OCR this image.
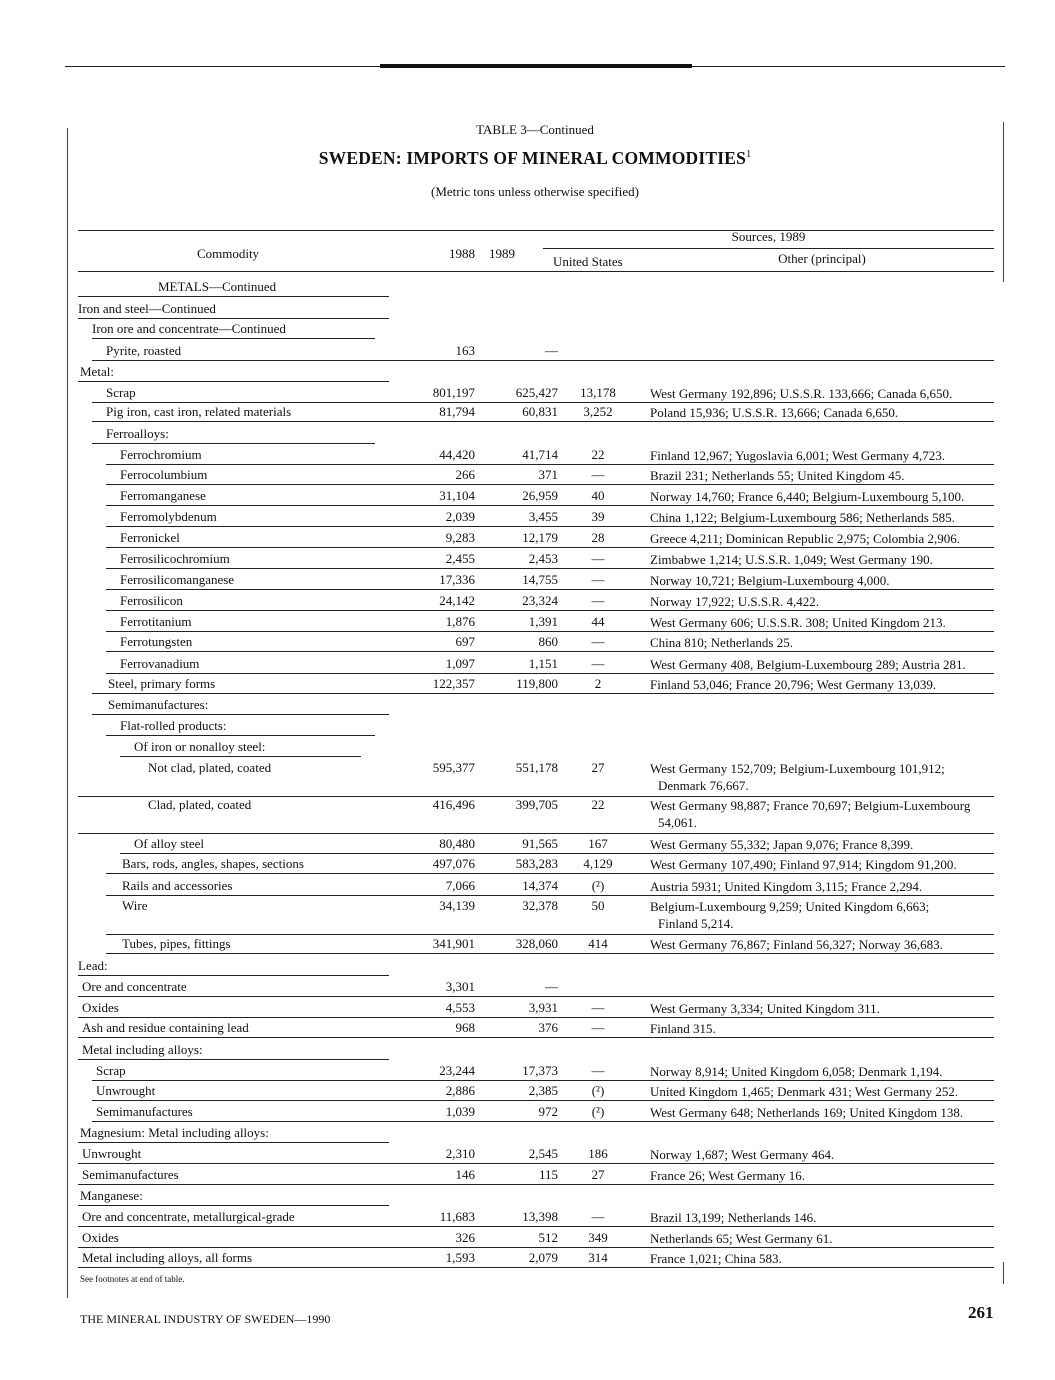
TABLE 3—Continued
SWEDEN: IMPORTS OF MINERAL COMMODITIES$^1$
(Metric tons unless otherwise specified)
Commodity	1988	1989
Sources, 1989
United States	Other (principal)
METALS—Continued
Iron and steel—Continued
Iron ore and concentrate—Continued
Pyrite, roasted	163	—
Metal:
Scrap	801,197	625,427	13,178	West Germany 192,896; U.S.S.R. 133,666; Canada 6,650.
Pig iron, cast iron, related materials	81,794	60,831	3,252	Poland 15,936; U.S.S.R. 13,666; Canada 6,650.
Ferroalloys:
Ferrochromium	44,420	41,714	22	Finland 12,967; Yugoslavia 6,001; West Germany 4,723.
Ferrocolumbium	266	371	—	Brazil 231; Netherlands 55; United Kingdom 45.
Ferromanganese	31,104	26,959	40	Norway 14,760; France 6,440; Belgium-Luxembourg 5,100.
Ferromolybdenum	2,039	3,455	39	China 1,122; Belgium-Luxembourg 586; Netherlands 585.
Ferronickel	9,283	12,179	28	Greece 4,211; Dominican Republic 2,975; Colombia 2,906.
Ferrosilicochromium	2,455	2,453	—	Zimbabwe 1,214; U.S.S.R. 1,049; West Germany 190.
Ferrosilicomanganese	17,336	14,755	—	Norway 10,721; Belgium-Luxembourg 4,000.
Ferrosilicon	24,142	23,324	—	Norway 17,922; U.S.S.R. 4,422.
Ferrotitanium	1,876	1,391	44	West Germany 606; U.S.S.R. 308; United Kingdom 213.
Ferrotungsten	697	860	—	China 810; Netherlands 25.
Ferrovanadium	1,097	1,151	—	West Germany 408, Belgium-Luxembourg 289; Austria 281.
Steel, primary forms	122,357	119,800	2	Finland 53,046; France 20,796; West Germany 13,039.
Semimanufactures:
Flat-rolled products:
Of iron or nonalloy steel:
Not clad, plated, coated	595,377	551,178	27	West Germany 152,709; Belgium-Luxembourg 101,912;
Denmark 76,667.
Clad, plated, coated	416,496	399,705	22	West Germany 98,887; France 70,697; Belgium-Luxembourg
54,061.
Of alloy steel	80,480	91,565	167	West Germany 55,332; Japan 9,076; France 8,399.
Bars, rods, angles, shapes, sections	497,076	583,283	4,129	West Germany 107,490; Finland 97,914; Kingdom 91,200.
Rails and accessories	7,066	14,374	(²)	Austria 5931; United Kingdom 3,115; France 2,294.
Wire	34,139	32,378	50	Belgium-Luxembourg 9,259; United Kingdom 6,663;
Finland 5,214.
Tubes, pipes, fittings	341,901	328,060	414	West Germany 76,867; Finland 56,327; Norway 36,683.
Lead:
Ore and concentrate	3,301	—
Oxides	4,553	3,931	—	West Germany 3,334; United Kingdom 311.
Ash and residue containing lead	968	376	—	Finland 315.
Metal including alloys:
Scrap	23,244	17,373	—	Norway 8,914; United Kingdom 6,058; Denmark 1,194.
Unwrought	2,886	2,385	(²)	United Kingdom 1,465; Denmark 431; West Germany 252.
Semimanufactures	1,039	972	(²)	West Germany 648; Netherlands 169; United Kingdom 138.
Magnesium: Metal including alloys:
Unwrought	2,310	2,545	186	Norway 1,687; West Germany 464.
Semimanufactures	146	115	27	France 26; West Germany 16.
Manganese:
Ore and concentrate, metallurgical-grade	11,683	13,398	—	Brazil 13,199; Netherlands 146.
Oxides	326	512	349	Netherlands 65; West Germany 61.
Metal including alloys, all forms	1,593	2,079	314	France 1,021; China 583.
See footnotes at end of table.
THE MINERAL INDUSTRY OF SWEDEN—1990	261
